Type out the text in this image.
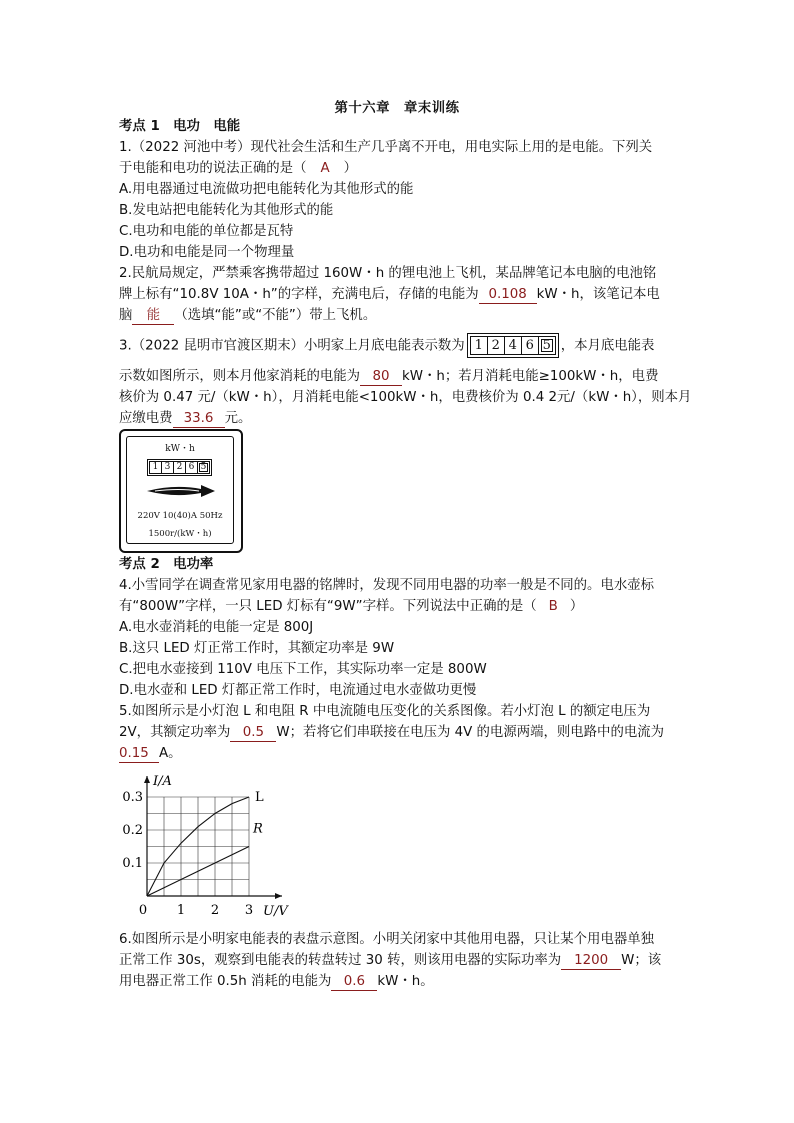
第十六章　章末训练
考点 1　电功　电能
1.（2022 河池中考）现代社会生活和生产几乎离不开电，用电实际上用的是电能。下列关
于电能和电功的说法正确的是（ A ）
A.用电器通过电流做功把电能转化为其他形式的能
B.发电站把电能转化为其他形式的能
C.电功和电能的单位都是瓦特
D.电功和电能是同一个物理量
2.民航局规定，严禁乘客携带超过 160W・h 的锂电池上飞机，某品牌笔记本电脑的电池铭
牌上标有“10.8V 10A・h”的字样，充满电后，存储的电能为 0.108 kW・h，该笔记本电
脑 能 （选填“能”或“不能”）带上飞机。
3.（2022 昆明市官渡区期末）小明家上月底电能表示数为 1 2 4 6 5 ，本月底电能表
示数如图所示，则本月他家消耗的电能为 80 kW・h；若月消耗电能≥100kW・h，电费
核价为 0.47 元/（kW・h），月消耗电能<100kW・h，电费核价为 0.4 2元/（kW・h），则本月
应缴电费 33.6 元。
kW・h
1 3 2 6 5
220V 10(40)A 50Hz
1500r/(kW・h)
考点 2　电功率
4.小雪同学在调查常见家用电器的铭牌时，发现不同用电器的功率一般是不同的。电水壶标
有“800W”字样，一只 LED 灯标有“9W”字样。下列说法中正确的是（ B ）
A.电水壶消耗的电能一定是 800J
B.这只 LED 灯正常工作时，其额定功率是 9W
C.把电水壶接到 110V 电压下工作，其实际功率一定是 800W
D.电水壶和 LED 灯都正常工作时，电流通过电水壶做功更慢
5.如图所示是小灯泡 L 和电阻 R 中电流随电压变化的关系图像。若小灯泡 L 的额定电压为
2V，其额定功率为 0.5 W；若将它们串联接在电压为 4V 的电源两端，则电路中的电流为
0.15 A。
I/A
U/V
0 1 2 3
0.1
0.2
0.3	L
R
6.如图所示是小明家电能表的表盘示意图。小明关闭家中其他用电器，只让某个用电器单独
正常工作 30s，观察到电能表的转盘转过 30 转，则该用电器的实际功率为 1200 W；该
用电器正常工作 0.5h 消耗的电能为 0.6 kW・h。
